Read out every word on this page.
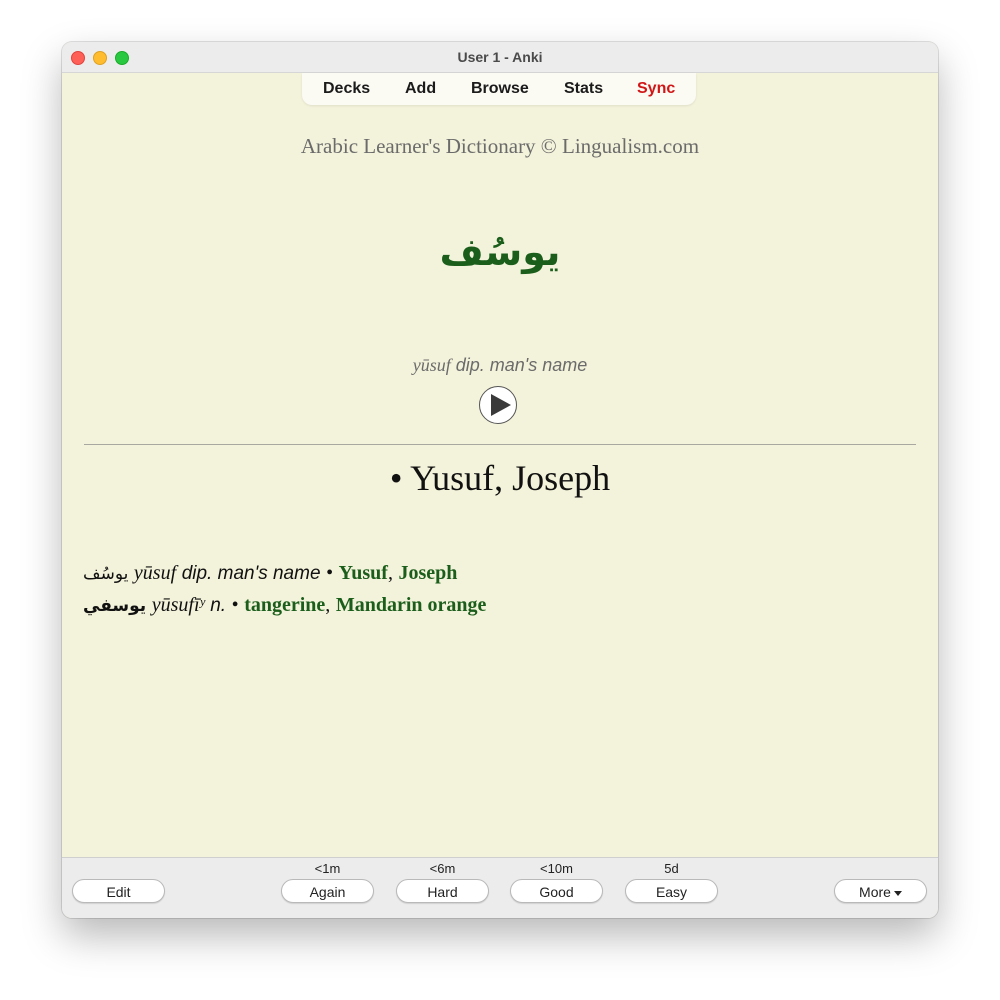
User 1 - Anki
Decks Add Browse Stats Sync
Arabic Learner's Dictionary © Lingualism.com
يوسُف
yūsuf dip. man's name
• Yusuf, Joseph
يوسُف yūsuf dip. man's name • Yusuf, Joseph
يوسفي yūsufīʸ n. • tangerine, Mandarin orange
Edit
<1m
Again
<6m
Hard
<10m
Good
5d
Easy	More
